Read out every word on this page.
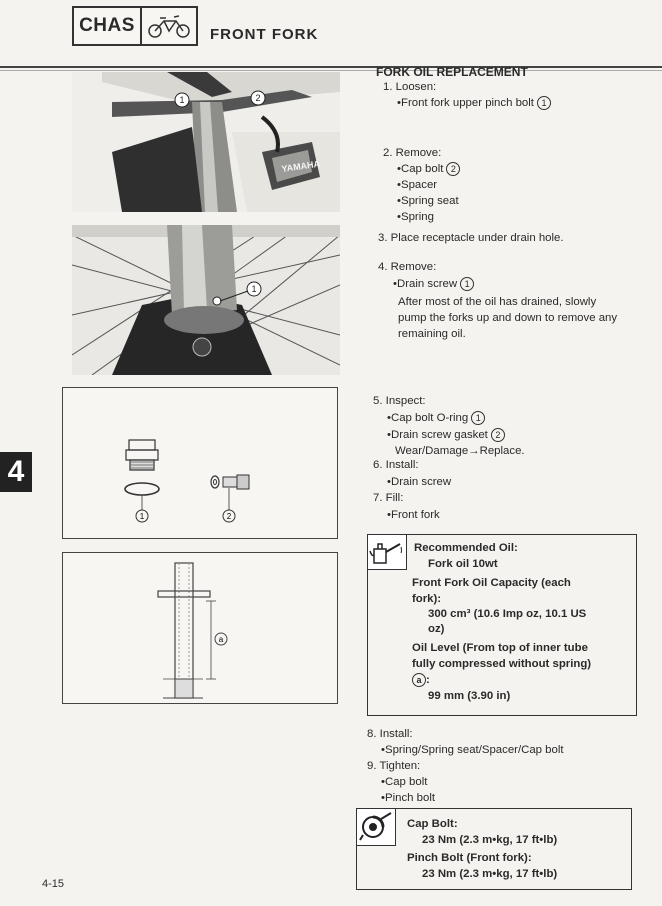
CHAS	FRONT FORK
1	2
YAMAHA
1
1	2
a
4
FORK OIL REPLACEMENT
1. Loosen:
•Front fork upper pinch bolt 1
2. Remove:
•Cap bolt 2
•Spacer
•Spring seat
•Spring
3. Place receptacle under drain hole.
4. Remove:
•Drain screw 1
After most of the oil has drained, slowly
pump the forks up and down to remove any
remaining oil.
5. Inspect:
•Cap bolt O-ring 1
•Drain screw gasket 2
Wear/Damage→Replace.
6. Install:
•Drain screw
7. Fill:
•Front fork
Recommended Oil:
Fork oil 10wt
Front Fork Oil Capacity (each
fork):
300 cm³ (10.6 Imp oz, 10.1 US
oz)
Oil Level (From top of inner tube
fully compressed without spring)
a :
99 mm (3.90 in)
8. Install:
•Spring/Spring seat/Spacer/Cap bolt
9. Tighten:
•Cap bolt
•Pinch bolt
Cap Bolt:
23 Nm (2.3 m•kg, 17 ft•lb)
Pinch Bolt (Front fork):
23 Nm (2.3 m•kg, 17 ft•lb)
4-15
